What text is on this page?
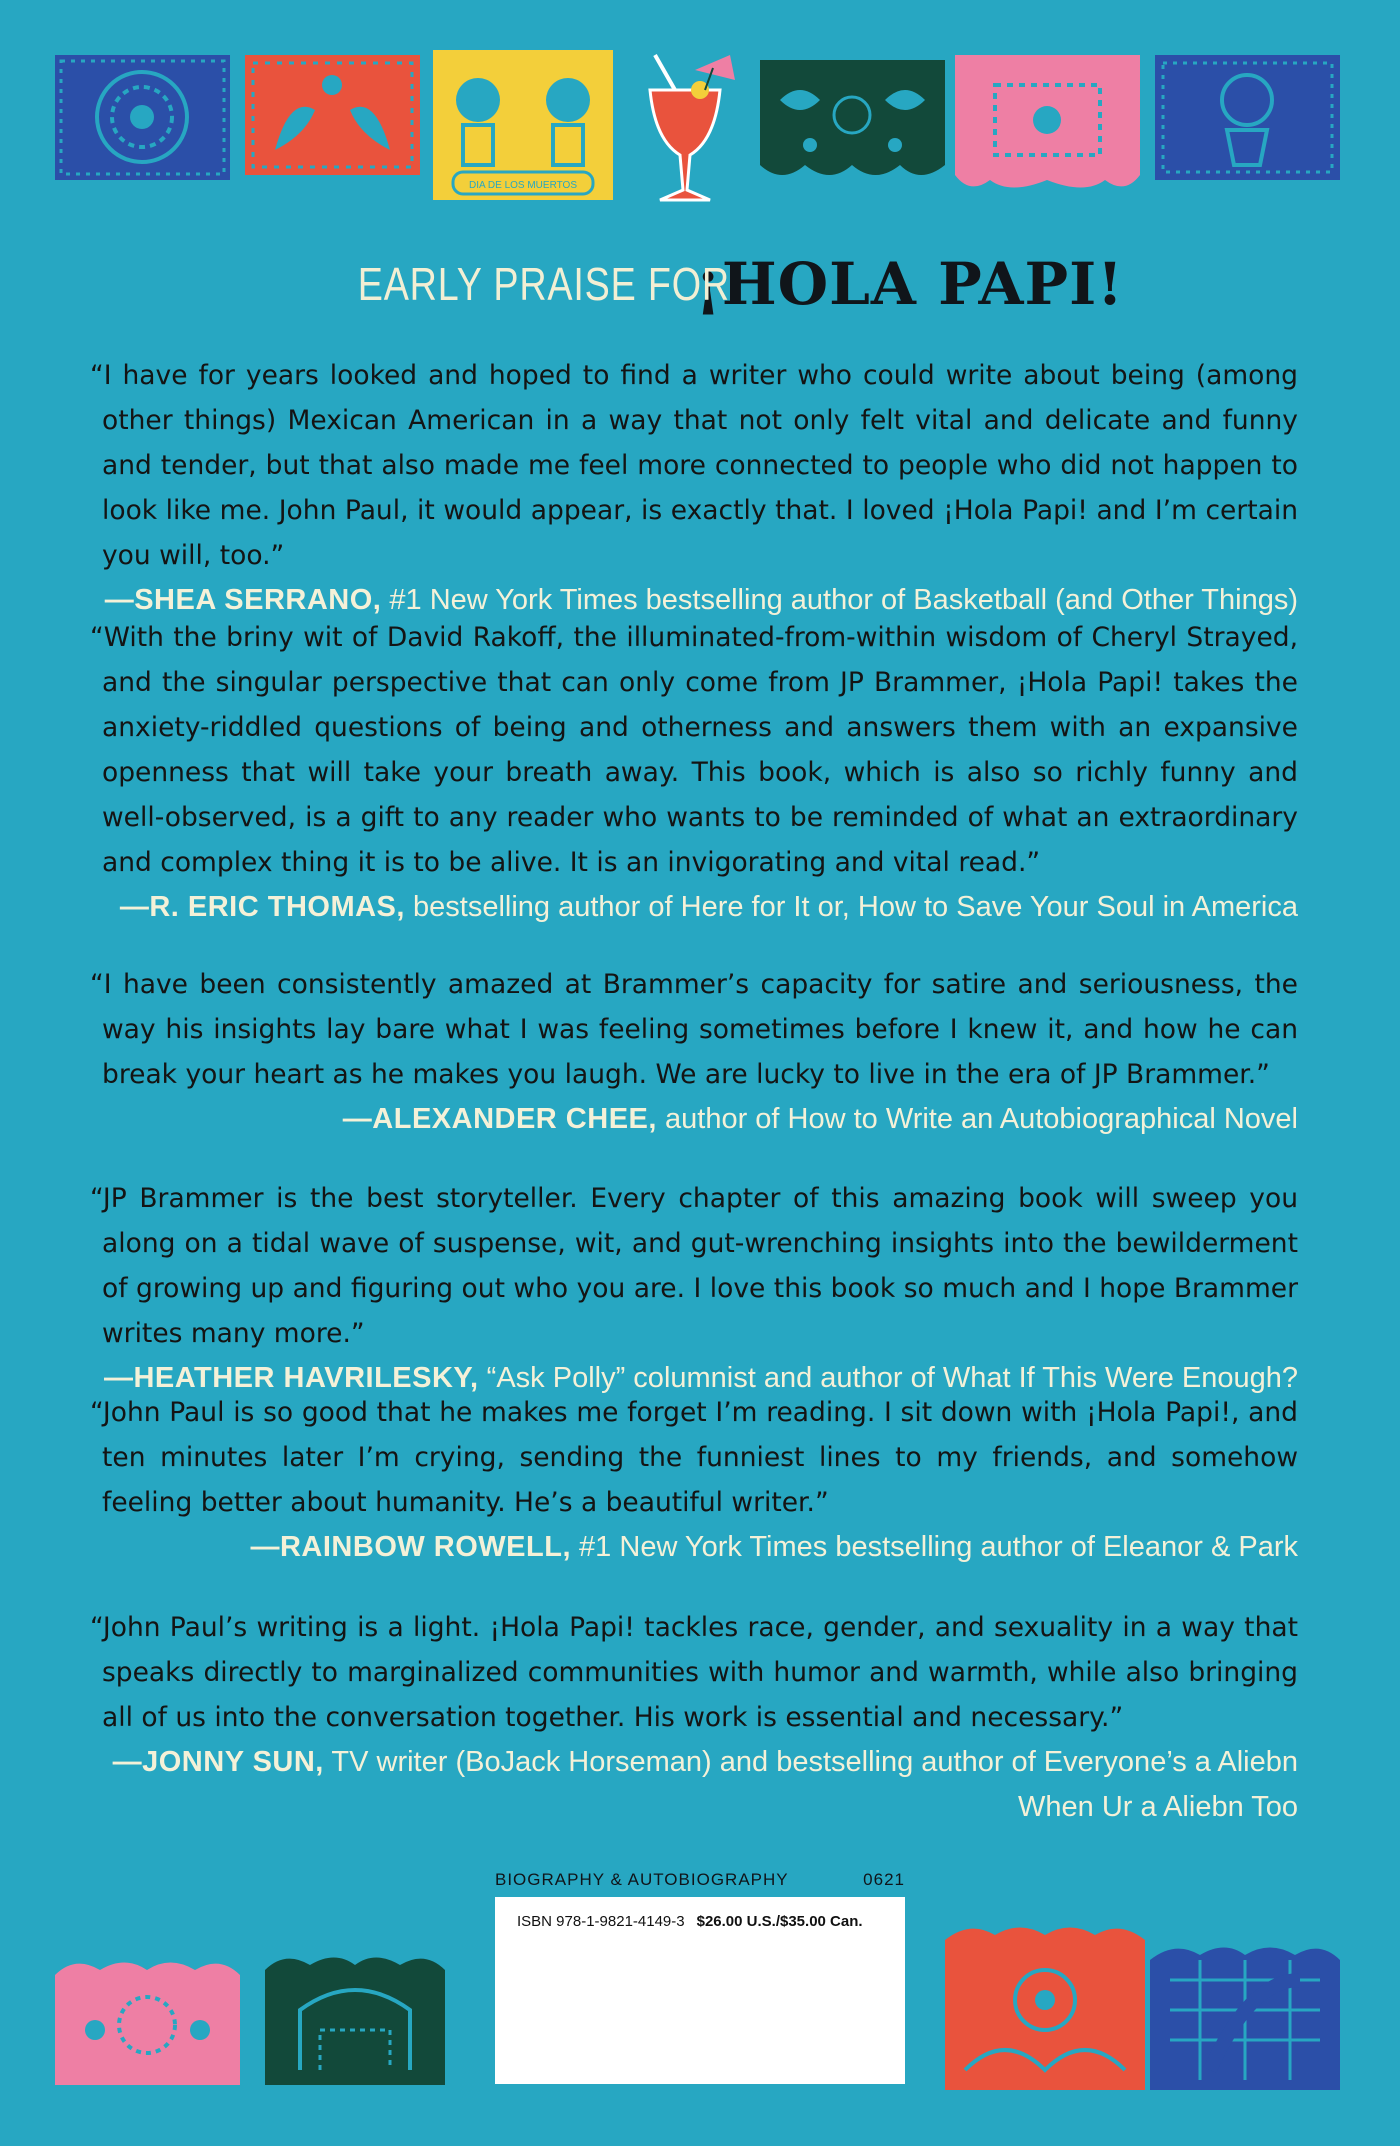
DIA DE LOS MUERTOS
EARLY PRAISE FOR ¡HOLA PAPI!
“I have for years looked and hoped to find a writer who could write about being (among other things) Mexican American in a way that not only felt vital and delicate and funny and tender, but that also made me feel more connected to people who did not happen to look like me. John Paul, it would appear, is exactly that. I loved ¡Hola Papi! and I’m certain you will, too.”
—SHEA SERRANO, #1 New York Times bestselling author of Basketball (and Other Things)
“With the briny wit of David Rakoff, the illuminated-from-within wisdom of Cheryl Strayed, and the singular perspective that can only come from JP Brammer, ¡Hola Papi! takes the anxiety-riddled questions of being and otherness and answers them with an expansive openness that will take your breath away. This book, which is also so richly funny and well-observed, is a gift to any reader who wants to be reminded of what an extraordinary and complex thing it is to be alive. It is an invigorating and vital read.”
—R. ERIC THOMAS, bestselling author of Here for It or, How to Save Your Soul in America
“I have been consistently amazed at Brammer’s capacity for satire and seriousness, the way his insights lay bare what I was feeling sometimes before I knew it, and how he can break your heart as he makes you laugh. We are lucky to live in the era of JP Brammer.”
—ALEXANDER CHEE, author of How to Write an Autobiographical Novel
“JP Brammer is the best storyteller. Every chapter of this amazing book will sweep you along on a tidal wave of suspense, wit, and gut-wrenching insights into the bewilderment of growing up and figuring out who you are. I love this book so much and I hope Brammer writes many more.”
—HEATHER HAVRILESKY, “Ask Polly” columnist and author of What If This Were Enough?
“John Paul is so good that he makes me forget I’m reading. I sit down with ¡Hola Papi!, and ten minutes later I’m crying, sending the funniest lines to my friends, and somehow feeling better about humanity. He’s a beautiful writer.”
—RAINBOW ROWELL, #1 New York Times bestselling author of Eleanor & Park
“John Paul’s writing is a light. ¡Hola Papi! tackles race, gender, and sexuality in a way that speaks directly to marginalized communities with humor and warmth, while also bringing all of us into the conversation together. His work is essential and necessary.”
—JONNY SUN, TV writer (BoJack Horseman) and bestselling author of Everyone’s a Aliebn When Ur a Aliebn Too
BIOGRAPHY & AUTOBIOGRAPHY	0621
ISBN 978-1-9821-4149-3 $26.00 U.S./$35.00 Can.
